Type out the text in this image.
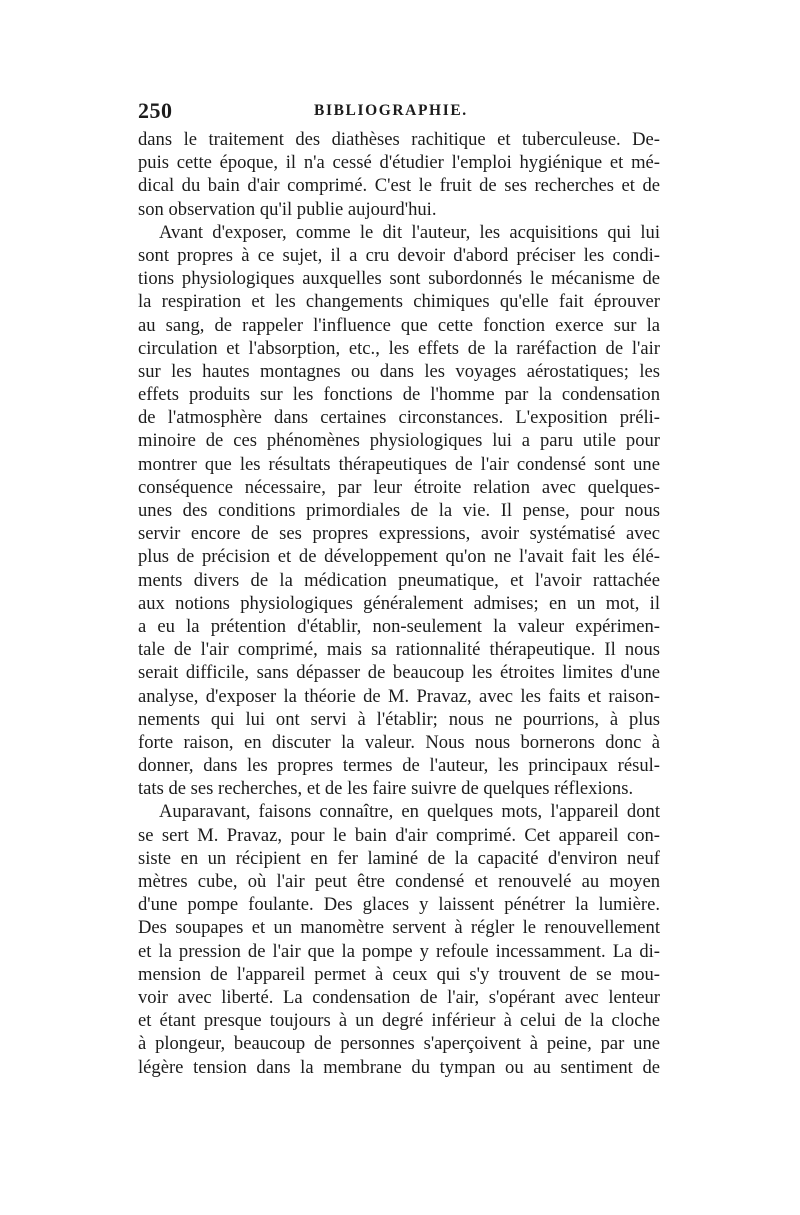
250	BIBLIOGRAPHIE.
dans le traitement des diathèses rachitique et tuberculeuse. De-
puis cette époque, il n'a cessé d'étudier l'emploi hygiénique et mé-
dical du bain d'air comprimé. C'est le fruit de ses recherches et de
son observation qu'il publie aujourd'hui.
Avant d'exposer, comme le dit l'auteur, les acquisitions qui lui
sont propres à ce sujet, il a cru devoir d'abord préciser les condi-
tions physiologiques auxquelles sont subordonnés le mécanisme de
la respiration et les changements chimiques qu'elle fait éprouver
au sang, de rappeler l'influence que cette fonction exerce sur la
circulation et l'absorption, etc., les effets de la raréfaction de l'air
sur les hautes montagnes ou dans les voyages aérostatiques; les
effets produits sur les fonctions de l'homme par la condensation
de l'atmosphère dans certaines circonstances. L'exposition préli-
minoire de ces phénomènes physiologiques lui a paru utile pour
montrer que les résultats thérapeutiques de l'air condensé sont une
conséquence nécessaire, par leur étroite relation avec quelques-
unes des conditions primordiales de la vie. Il pense, pour nous
servir encore de ses propres expressions, avoir systématisé avec
plus de précision et de développement qu'on ne l'avait fait les élé-
ments divers de la médication pneumatique, et l'avoir rattachée
aux notions physiologiques généralement admises; en un mot, il
a eu la prétention d'établir, non-seulement la valeur expérimen-
tale de l'air comprimé, mais sa rationnalité thérapeutique. Il nous
serait difficile, sans dépasser de beaucoup les étroites limites d'une
analyse, d'exposer la théorie de M. Pravaz, avec les faits et raison-
nements qui lui ont servi à l'établir; nous ne pourrions, à plus
forte raison, en discuter la valeur. Nous nous bornerons donc à
donner, dans les propres termes de l'auteur, les principaux résul-
tats de ses recherches, et de les faire suivre de quelques réflexions.
Auparavant, faisons connaître, en quelques mots, l'appareil dont
se sert M. Pravaz, pour le bain d'air comprimé. Cet appareil con-
siste en un récipient en fer laminé de la capacité d'environ neuf
mètres cube, où l'air peut être condensé et renouvelé au moyen
d'une pompe foulante. Des glaces y laissent pénétrer la lumière.
Des soupapes et un manomètre servent à régler le renouvellement
et la pression de l'air que la pompe y refoule incessamment. La di-
mension de l'appareil permet à ceux qui s'y trouvent de se mou-
voir avec liberté. La condensation de l'air, s'opérant avec lenteur
et étant presque toujours à un degré inférieur à celui de la cloche
à plongeur, beaucoup de personnes s'aperçoivent à peine, par une
légère tension dans la membrane du tympan ou au sentiment de
